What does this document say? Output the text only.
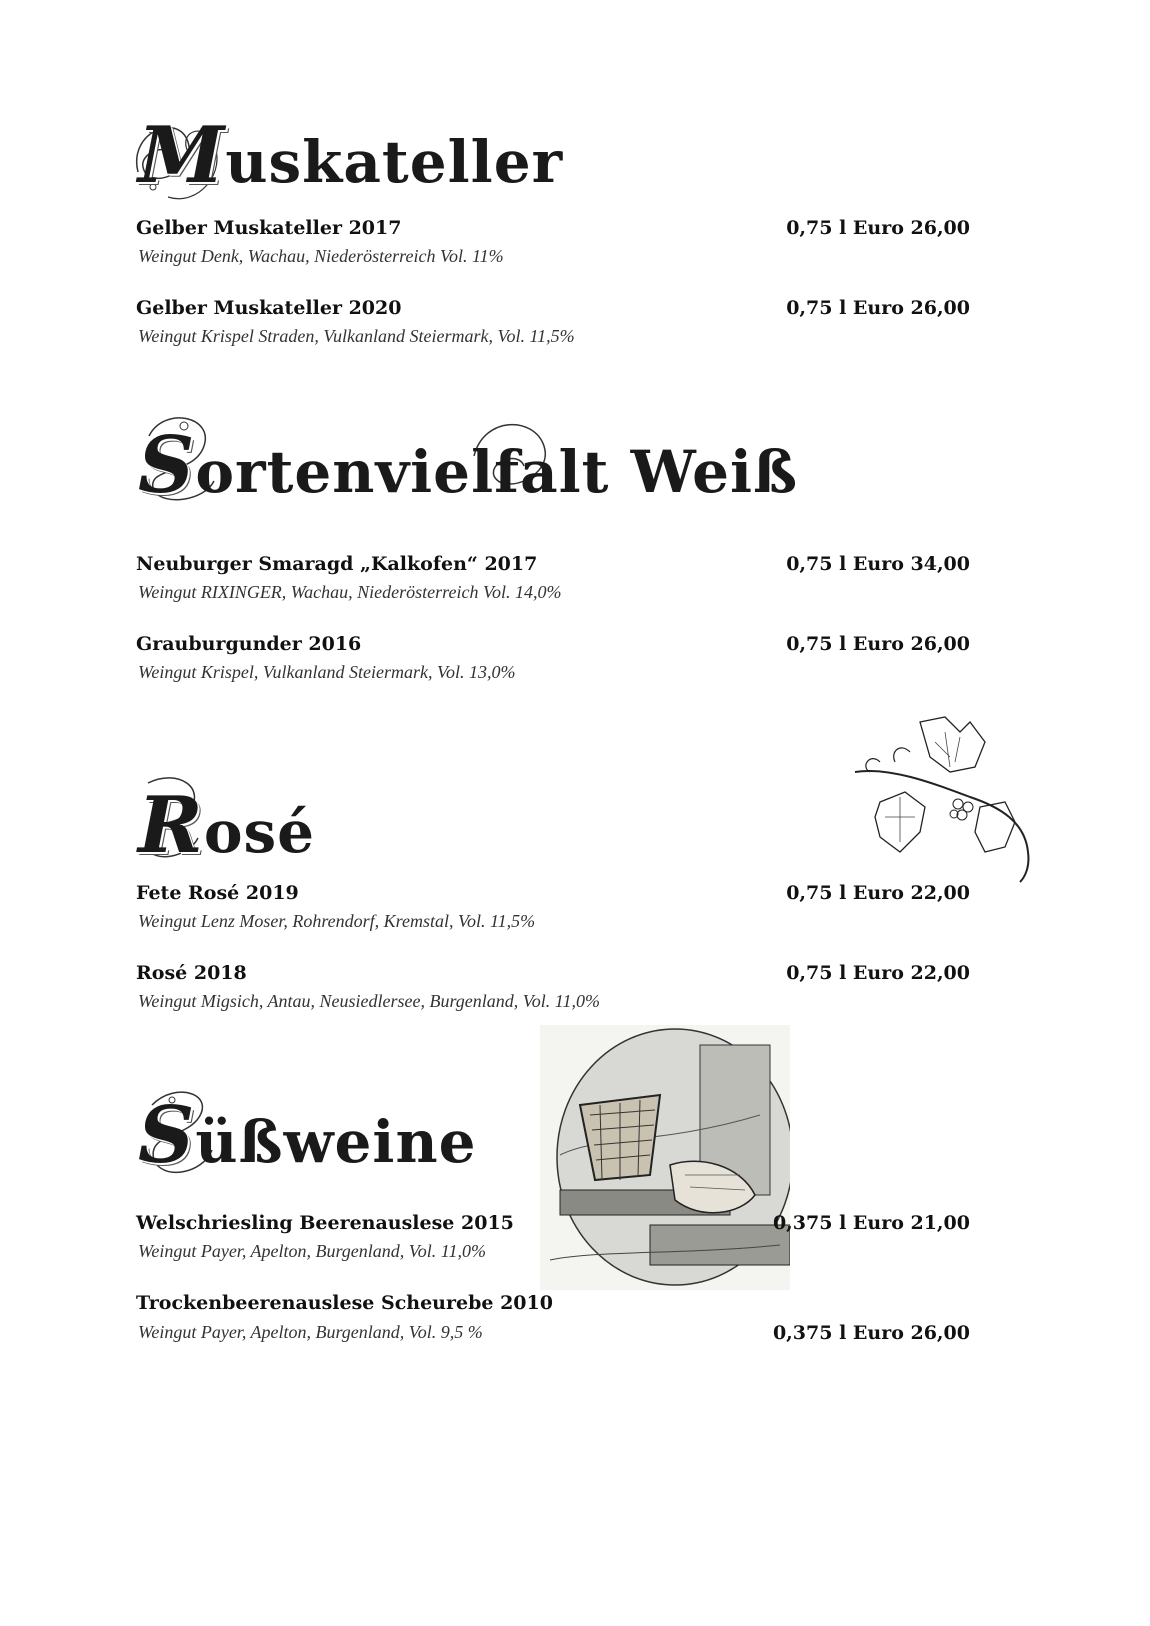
Muskateller
Gelber Muskateller 2017	0,75 l Euro 26,00
Weingut Denk, Wachau, Niederösterreich Vol. 11%
Gelber Muskateller 2020	0,75 l Euro 26,00
Weingut Krispel Straden, Vulkanland Steiermark, Vol. 11,5%
Sortenvielfalt Weiß
Neuburger Smaragd „Kalkofen“ 2017	0,75 l Euro 34,00
Weingut RIXINGER, Wachau, Niederösterreich Vol. 14,0%
Grauburgunder 2016	0,75 l Euro 26,00
Weingut Krispel, Vulkanland Steiermark, Vol. 13,0%
Rosé
Fete Rosé 2019	0,75 l Euro 22,00
Weingut Lenz Moser, Rohrendorf, Kremstal, Vol. 11,5%
Rosé 2018	0,75 l Euro 22,00
Weingut Migsich, Antau, Neusiedlersee, Burgenland, Vol. 11,0%
Süßweine
Welschriesling Beerenauslese 2015	0,375 l Euro 21,00
Weingut Payer, Apelton, Burgenland, Vol. 11,0%
Trockenbeerenauslese Scheurebe 2010
Weingut Payer, Apelton, Burgenland, Vol. 9,5 %	0,375 l Euro 26,00
